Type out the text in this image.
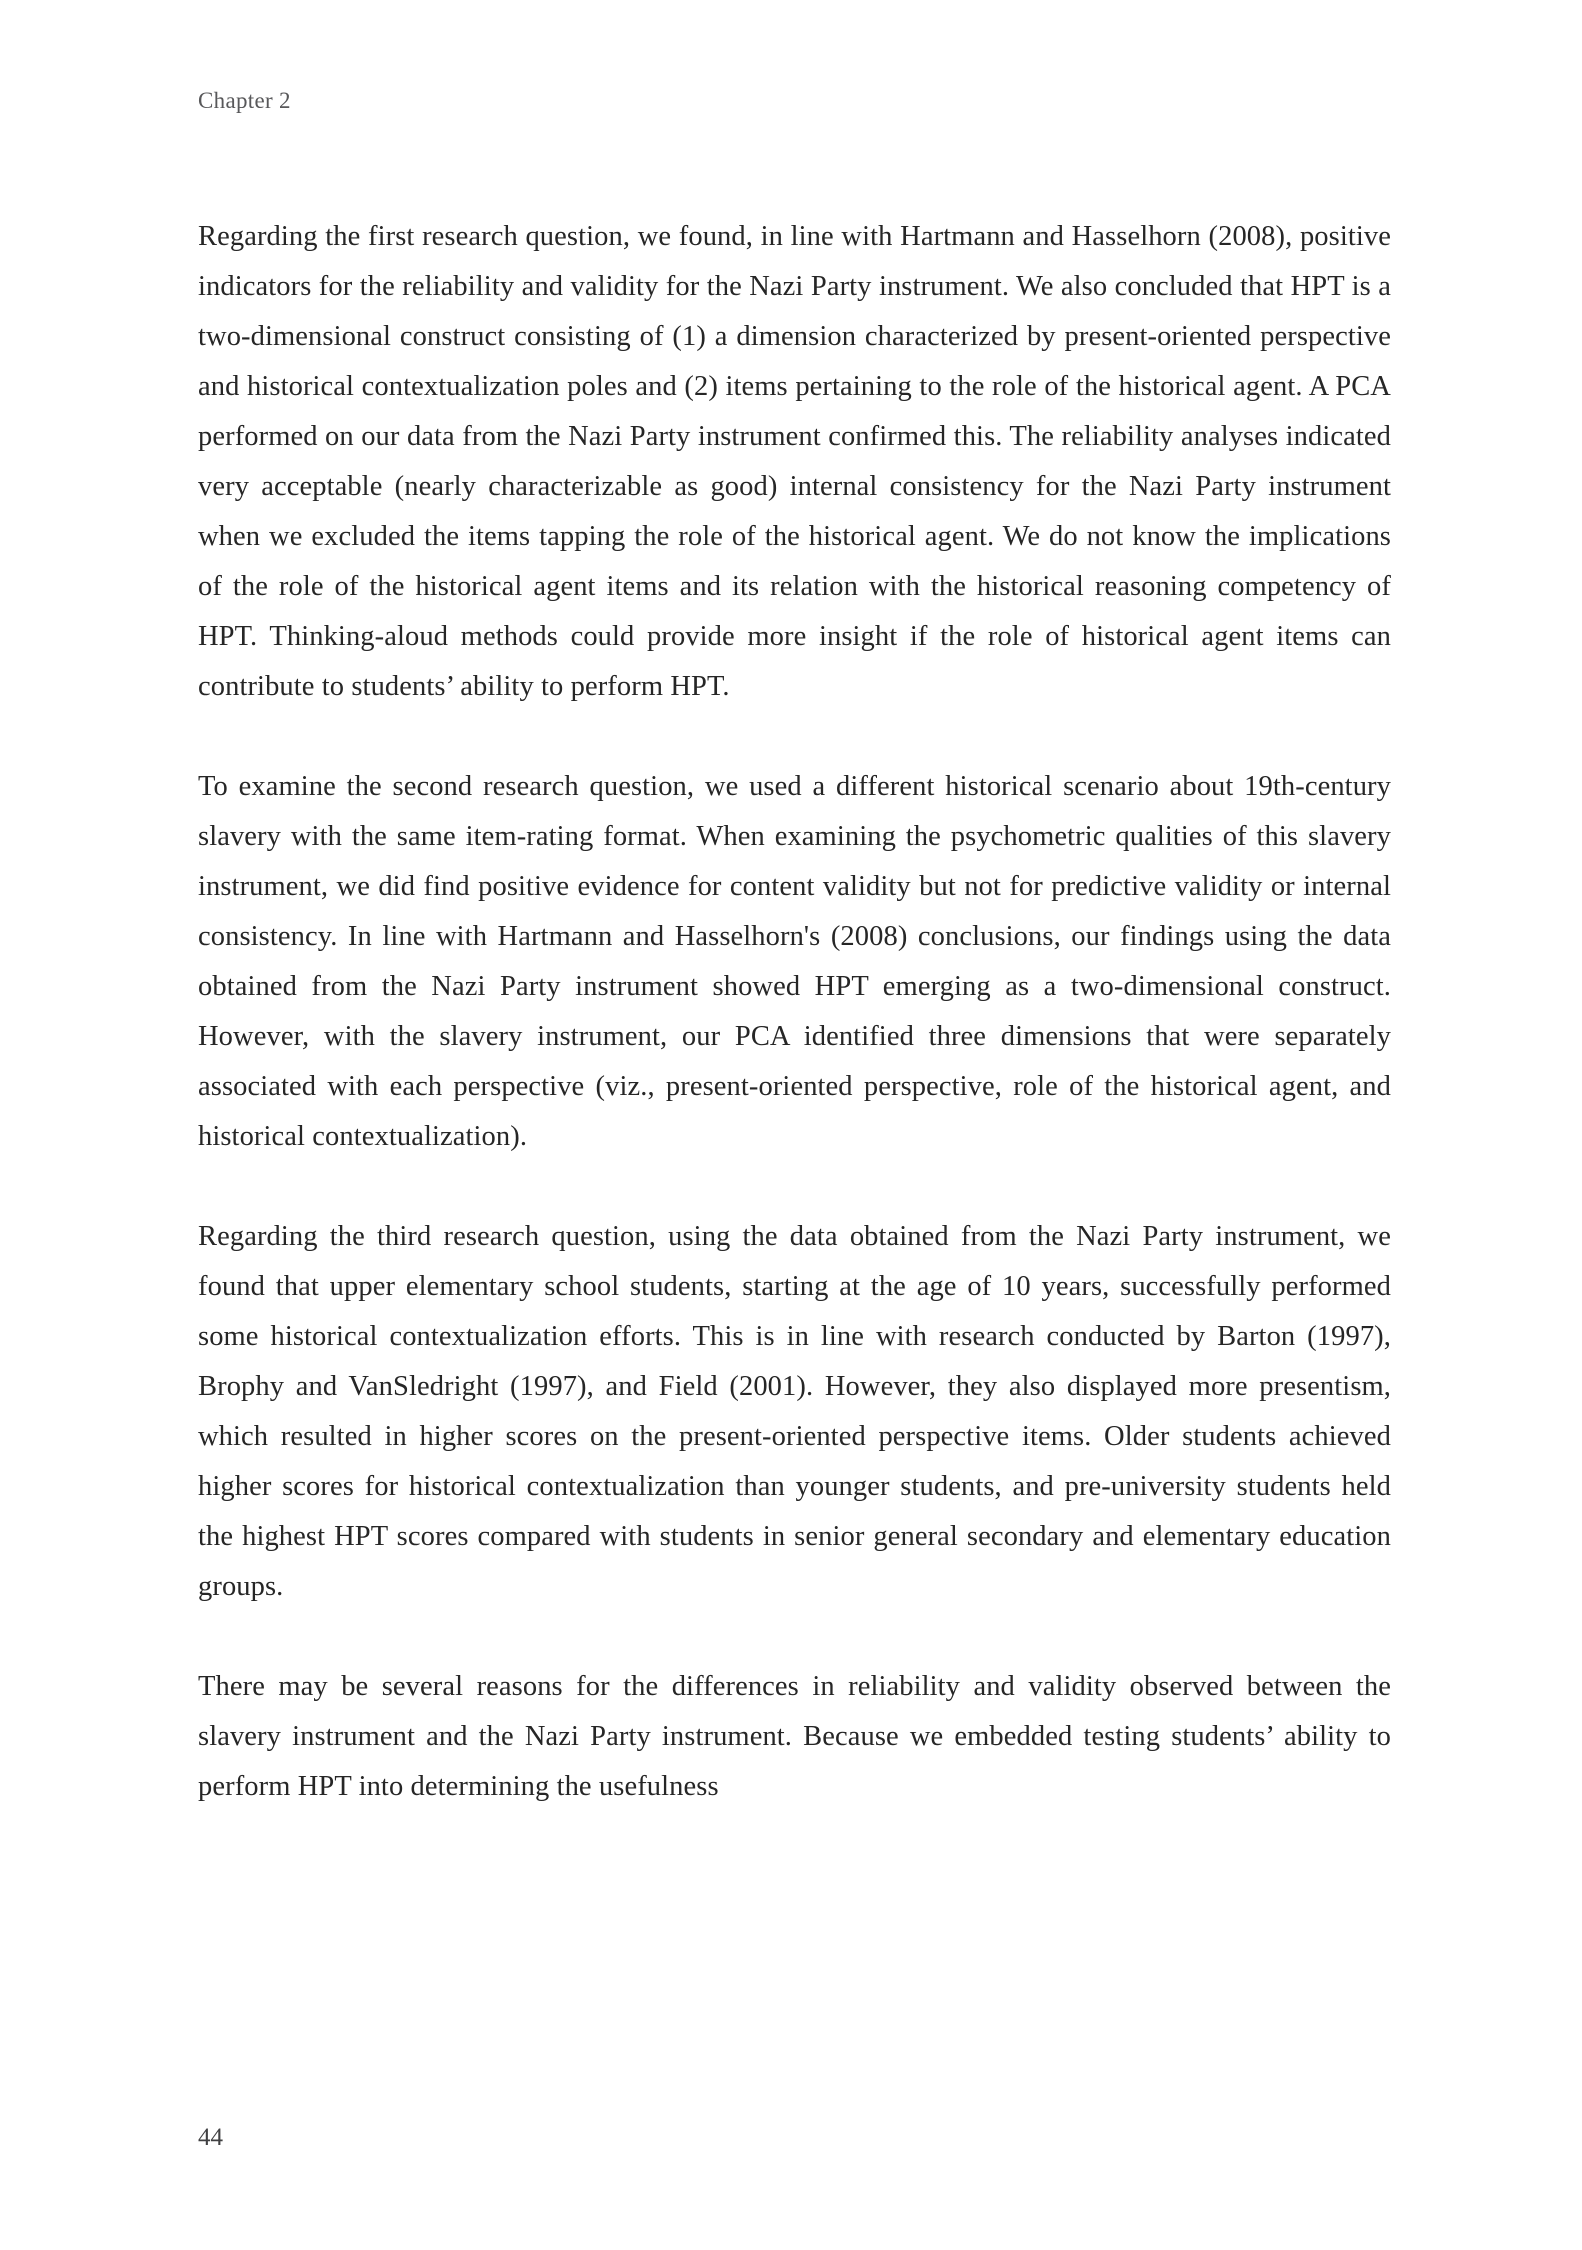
Chapter 2

Regarding the first research question, we found, in line with Hartmann and Hasselhorn (2008), positive indicators for the reliability and validity for the Nazi Party instrument. We also concluded that HPT is a two-dimensional construct consisting of (1) a dimension characterized by present-oriented perspective and historical contextualization poles and (2) items pertaining to the role of the historical agent. A PCA performed on our data from the Nazi Party instrument confirmed this. The reliability analyses indicated very acceptable (nearly characterizable as good) internal consistency for the Nazi Party instrument when we excluded the items tapping the role of the historical agent. We do not know the implications of the role of the historical agent items and its relation with the historical reasoning competency of HPT. Thinking-aloud methods could provide more insight if the role of historical agent items can contribute to students’ ability to perform HPT.

To examine the second research question, we used a different historical scenario about 19th-century slavery with the same item-rating format. When examining the psychometric qualities of this slavery instrument, we did find positive evidence for content validity but not for predictive validity or internal consistency. In line with Hartmann and Hasselhorn's (2008) conclusions, our findings using the data obtained from the Nazi Party instrument showed HPT emerging as a two-dimensional construct. However, with the slavery instrument, our PCA identified three dimensions that were separately associated with each perspective (viz., present-oriented perspective, role of the historical agent, and historical contextualization).

Regarding the third research question, using the data obtained from the Nazi Party instrument, we found that upper elementary school students, starting at the age of 10 years, successfully performed some historical contextualization efforts. This is in line with research conducted by Barton (1997), Brophy and VanSledright (1997), and Field (2001). However, they also displayed more presentism, which resulted in higher scores on the present-oriented perspective items. Older students achieved higher scores for historical contextualization than younger students, and pre-university students held the highest HPT scores compared with students in senior general secondary and elementary education groups.

There may be several reasons for the differences in reliability and validity observed between the slavery instrument and the Nazi Party instrument. Because we embedded testing students’ ability to perform HPT into determining the usefulness

44
